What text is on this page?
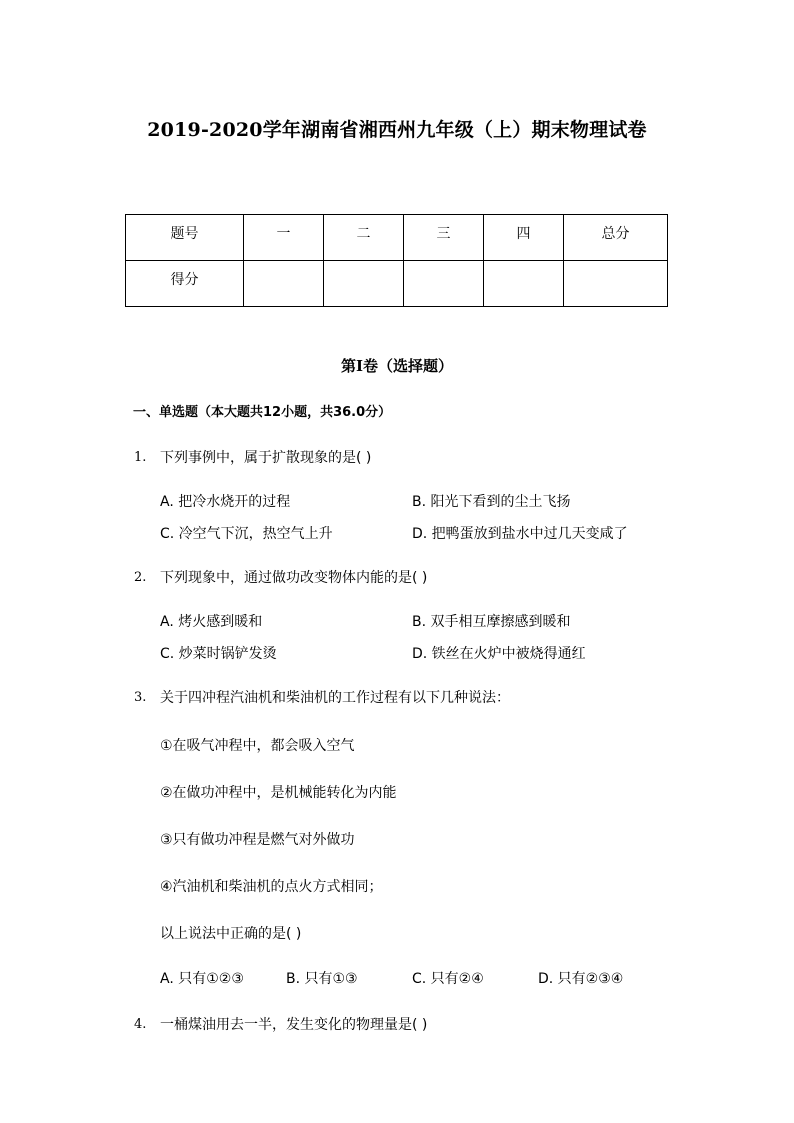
2019-2020学年湖南省湘西州九年级（上）期末物理试卷
题号	一	二	三	四	总分
得分					
第I卷（选择题）
一、单选题（本大题共12小题，共36.0分）
1. 下列事例中，属于扩散现象的是( )
A. 把冷水烧开的过程	B. 阳光下看到的尘土飞扬
C. 冷空气下沉，热空气上升	D. 把鸭蛋放到盐水中过几天变咸了
2. 下列现象中，通过做功改变物体内能的是( )
A. 烤火感到暖和	B. 双手相互摩擦感到暖和
C. 炒菜时锅铲发烫	D. 铁丝在火炉中被烧得通红
3. 关于四冲程汽油机和柴油机的工作过程有以下几种说法：
①在吸气冲程中，都会吸入空气
②在做功冲程中，是机械能转化为内能
③只有做功冲程是燃气对外做功
④汽油机和柴油机的点火方式相同；
以上说法中正确的是( )
A. 只有①②③	B. 只有①③	C. 只有②④	D. 只有②③④
4. 一桶煤油用去一半，发生变化的物理量是( )
